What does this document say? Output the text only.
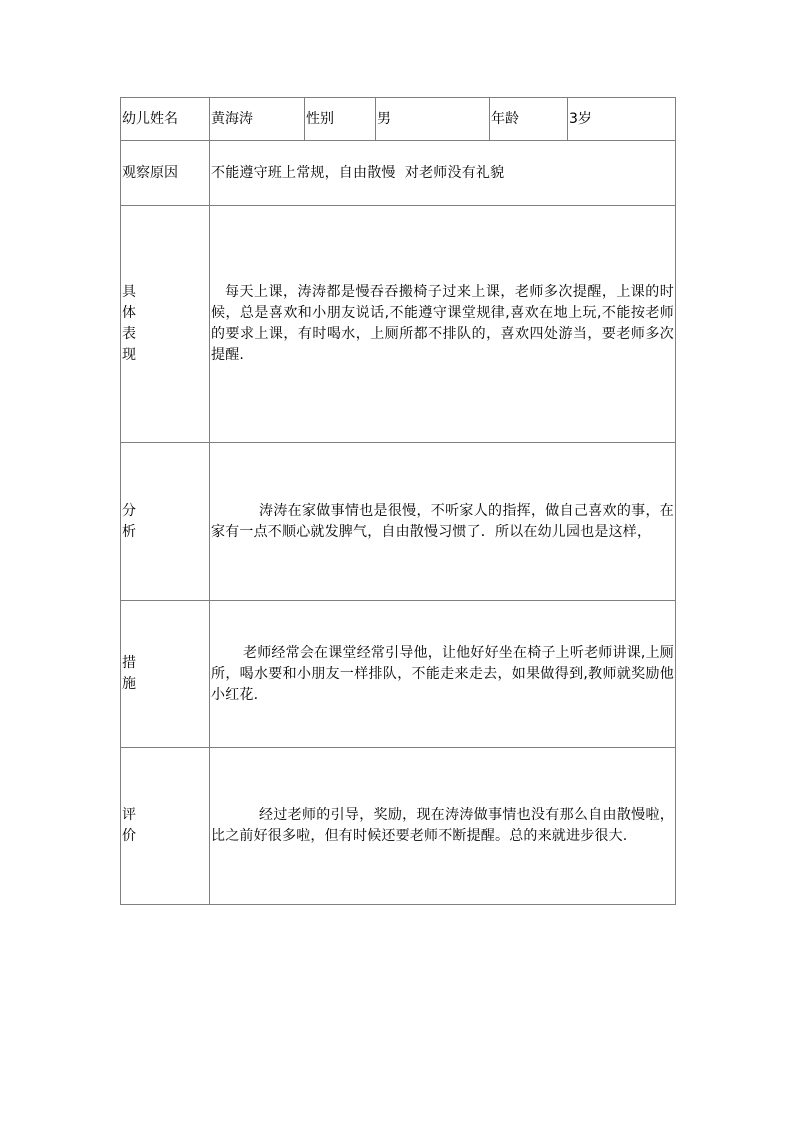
幼儿姓名	黄海涛	性别	男	年龄	3岁
观察原因	不能遵守班上常规，自由散慢  对老师没有礼貌				

具体表现	每天上课，涛涛都是慢吞吞搬椅子过来上课，老师多次提醒，上课的时候，总是喜欢和小朋友说话,不能遵守课堂规律,喜欢在地上玩,不能按老师的要求上课，有时喝水，上厕所都不排队的，喜欢四处游当，要老师多次提醒.				

分析	涛涛在家做事情也是很慢，不听家人的指挥，做自己喜欢的事，在家有一点不顺心就发脾气，自由散慢习惯了．所以在幼儿园也是这样，				

措施	老师经常会在课堂经常引导他，让他好好坐在椅子上听老师讲课,上厕所，喝水要和小朋友一样排队，不能走来走去，如果做得到,教师就奖励他小红花.				

评价	经过老师的引导，奖励，现在涛涛做事情也没有那么自由散慢啦，比之前好很多啦，但有时候还要老师不断提醒。总的来就进步很大.				
